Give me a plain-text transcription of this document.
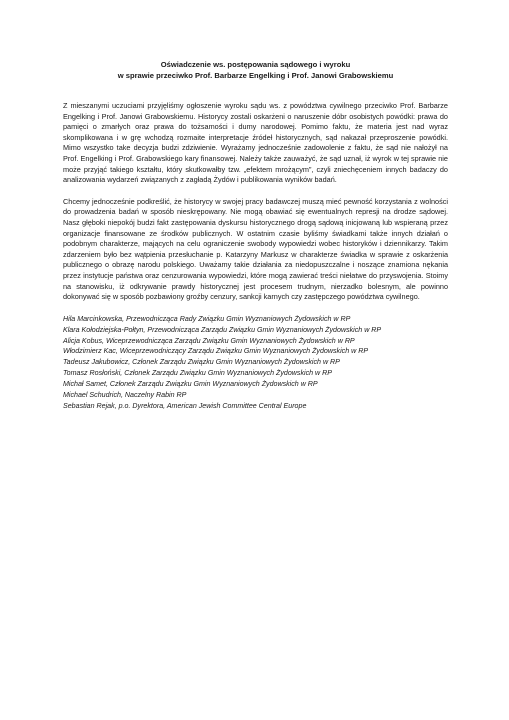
Oświadczenie ws. postępowania sądowego i wyroku
w sprawie przeciwko Prof. Barbarze Engelking i Prof. Janowi Grabowskiemu

Z mieszanymi uczuciami przyjęliśmy ogłoszenie wyroku sądu ws. z powództwa cywilnego przeciwko Prof. Barbarze Engelking i Prof. Janowi Grabowskiemu. Historycy zostali oskarżeni o naruszenie dóbr osobistych powódki: prawa do pamięci o zmarłych oraz prawa do tożsamości i dumy narodowej. Pomimo faktu, że materia jest nad wyraz skomplikowana i w grę wchodzą rozmaite interpretacje źródeł historycznych, sąd nakazał przeproszenie powódki. Mimo wszystko take decyzja budzi zdziwienie. Wyrażamy jednocześnie zadowolenie z faktu, że sąd nie nałożył na Prof. Engelking i Prof. Grabowskiego kary finansowej. Należy także zauważyć, że sąd uznał, iż wyrok w tej sprawie nie może przyjąć takiego kształtu, który skutkowałby tzw. „efektem mrożącym”, czyli zniechęceniem innych badaczy do analizowania wydarzeń związanych z zagładą Żydów i publikowania wyników badań.

Chcemy jednocześnie podkreślić, że historycy w swojej pracy badawczej muszą mieć pewność korzystania z wolności do prowadzenia badań w sposób nieskrępowany. Nie mogą obawiać się ewentualnych represji na drodze sądowej. Nasz głęboki niepokój budzi fakt zastępowania dyskursu historycznego drogą sądową inicjowaną lub wspieraną przez organizacje finansowane ze środków publicznych. W ostatnim czasie byliśmy świadkami także innych działań o podobnym charakterze, mających na celu ograniczenie swobody wypowiedzi wobec historyków i dziennikarzy. Takim zdarzeniem było bez wątpienia przesłuchanie p. Katarzyny Markusz w charakterze świadka w sprawie z oskarżenia publicznego o obrazę narodu polskiego. Uważamy takie działania za niedopuszczalne i noszące znamiona nękania przez instytucje państwa oraz cenzurowania wypowiedzi, które mogą zawierać treści niełatwe do przyswojenia. Stoimy na stanowisku, iż odkrywanie prawdy historycznej jest procesem trudnym, nierzadko bolesnym, ale powinno dokonywać się w sposób pozbawiony groźby cenzury, sankcji karnych czy zastępczego powództwa cywilnego.

Hila Marcinkowska, Przewodnicząca Rady Związku Gmin Wyznaniowych Żydowskich w RP
Klara Kołodziejska-Połtyn, Przewodnicząca Zarządu Związku Gmin Wyznaniowych Żydowskich w RP
Alicja Kobus, Wiceprzewodnicząca Zarządu Związku Gmin Wyznaniowych Żydowskich w RP
Włodzimierz Kac, Wiceprzewodniczący Zarządu Związku Gmin Wyznaniowych Żydowskich w RP
Tadeusz Jakubowicz, Członek Zarządu Związku Gmin Wyznaniowych Żydowskich w RP
Tomasz Rosłoński, Członek Zarządu Związku Gmin Wyznaniowych Żydowskich w RP
Michał Samet, Członek Zarządu Związku Gmin Wyznaniowych Żydowskich w RP
Michael Schudrich, Naczelny Rabin RP
Sebastian Rejak, p.o. Dyrektora, American Jewish Committee Central Europe
